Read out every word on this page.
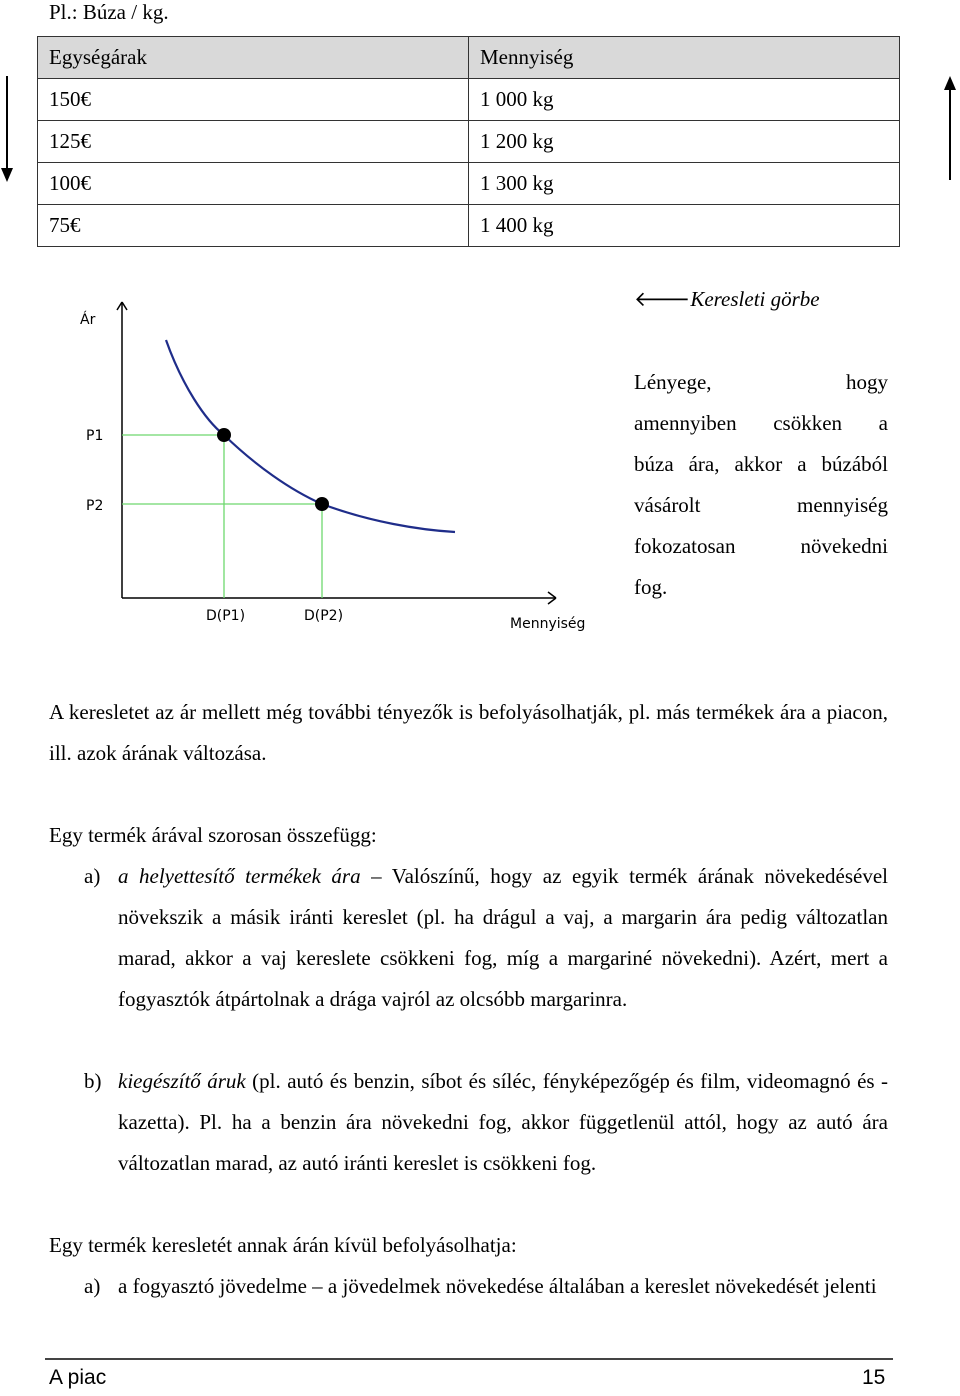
Pl.: Búza / kg.
Egységárak	Mennyiség
150€	1 000 kg
125€	1 200 kg
100€	1 300 kg
75€	1 400 kg
Ár
P1
P2
D(P1)	D(P2)	Mennyiség
🡐Keresleti görbe
Lényege, hogy
amennyiben csökken a
búza ára, akkor a búzából
vásárolt mennyiség
fokozatosan növekedni
fog.
A keresletet az ár mellett még további tényezők is befolyásolhatják, pl. más termékek ára a piacon, ill. azok árának változása.
Egy termék árával szorosan összefügg:
a) a helyettesítő termékek ára – Valószínű, hogy az egyik termék árának növekedésével növekszik a másik iránti kereslet (pl. ha drágul a vaj, a margarin ára pedig változatlan marad, akkor a vaj kereslete csökkeni fog, míg a margariné növekedni). Azért, mert a fogyasztók átpártolnak a drága vajról az olcsóbb margarinra.
b) kiegészítő áruk (pl. autó és benzin, síbot és síléc, fényképezőgép és film, videomagnó és - kazetta). Pl. ha a benzin ára növekedni fog, akkor függetlenül attól, hogy az autó ára változatlan marad, az autó iránti kereslet is csökkeni fog.
Egy termék keresletét annak árán kívül befolyásolhatja:
a) a fogyasztó jövedelme – a jövedelmek növekedése általában a kereslet növekedését jelenti
A piac	15
